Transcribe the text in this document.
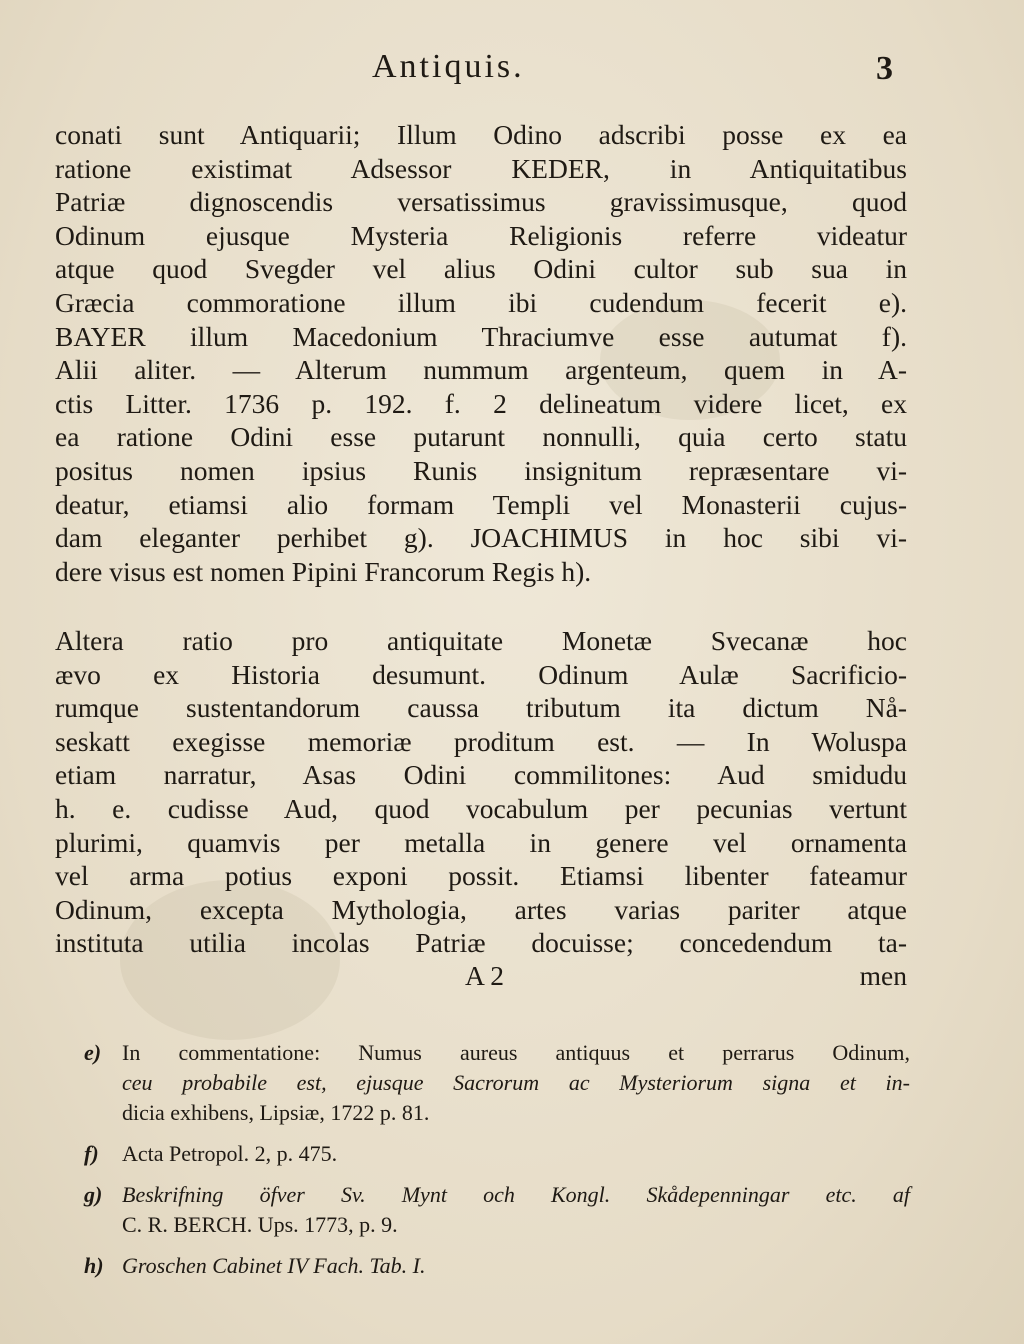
Antiquis.	3
conati sunt Antiquarii; Illum Odino adscribi posse ex ea
ratione existimat Adsessor KEDER, in Antiquitatibus
Patriæ dignoscendis versatissimus gravissimusque, quod
Odinum ejusque Mysteria Religionis referre videatur
atque quod Svegder vel alius Odini cultor sub sua in
Græcia commoratione illum ibi cudendum fecerit e).
BAYER illum Macedonium Thraciumve esse autumat f).
Alii aliter. — Alterum nummum argenteum, quem in A-
ctis Litter. 1736 p. 192. f. 2 delineatum videre licet, ex
ea ratione Odini esse putarunt nonnulli, quia certo statu
positus nomen ipsius Runis insignitum repræsentare vi-
deatur, etiamsi alio formam Templi vel Monasterii cujus-
dam eleganter perhibet g). JOACHIMUS in hoc sibi vi-
dere visus est nomen Pipini Francorum Regis h).
Altera ratio pro antiquitate Monetæ Svecanæ hoc
ævo ex Historia desumunt. Odinum Aulæ Sacrificio-
rumque sustentandorum caussa tributum ita dictum Nå-
seskatt exegisse memoriæ proditum est. — In Woluspa
etiam narratur, Asas Odini commilitones: Aud smidudu
h. e. cudisse Aud, quod vocabulum per pecunias vertunt
plurimi, quamvis per metalla in genere vel ornamenta
vel arma potius exponi possit. Etiamsi libenter fateamur
Odinum, excepta Mythologia, artes varias pariter atque
instituta utilia incolas Patriæ docuisse; concedendum ta-
A 2	men
e) In commentatione: Numus aureus antiquus et perrarus Odinum,
ceu probabile est, ejusque Sacrorum ac Mysteriorum signa et in-
dicia exhibens, Lipsiæ, 1722 p. 81.
f) Acta Petropol. 2, p. 475.
g) Beskrifning öfver Sv. Mynt och Kongl. Skådepenningar etc. af
C. R. BERCH. Ups. 1773, p. 9.
h) Groschen Cabinet IV Fach. Tab. I.
